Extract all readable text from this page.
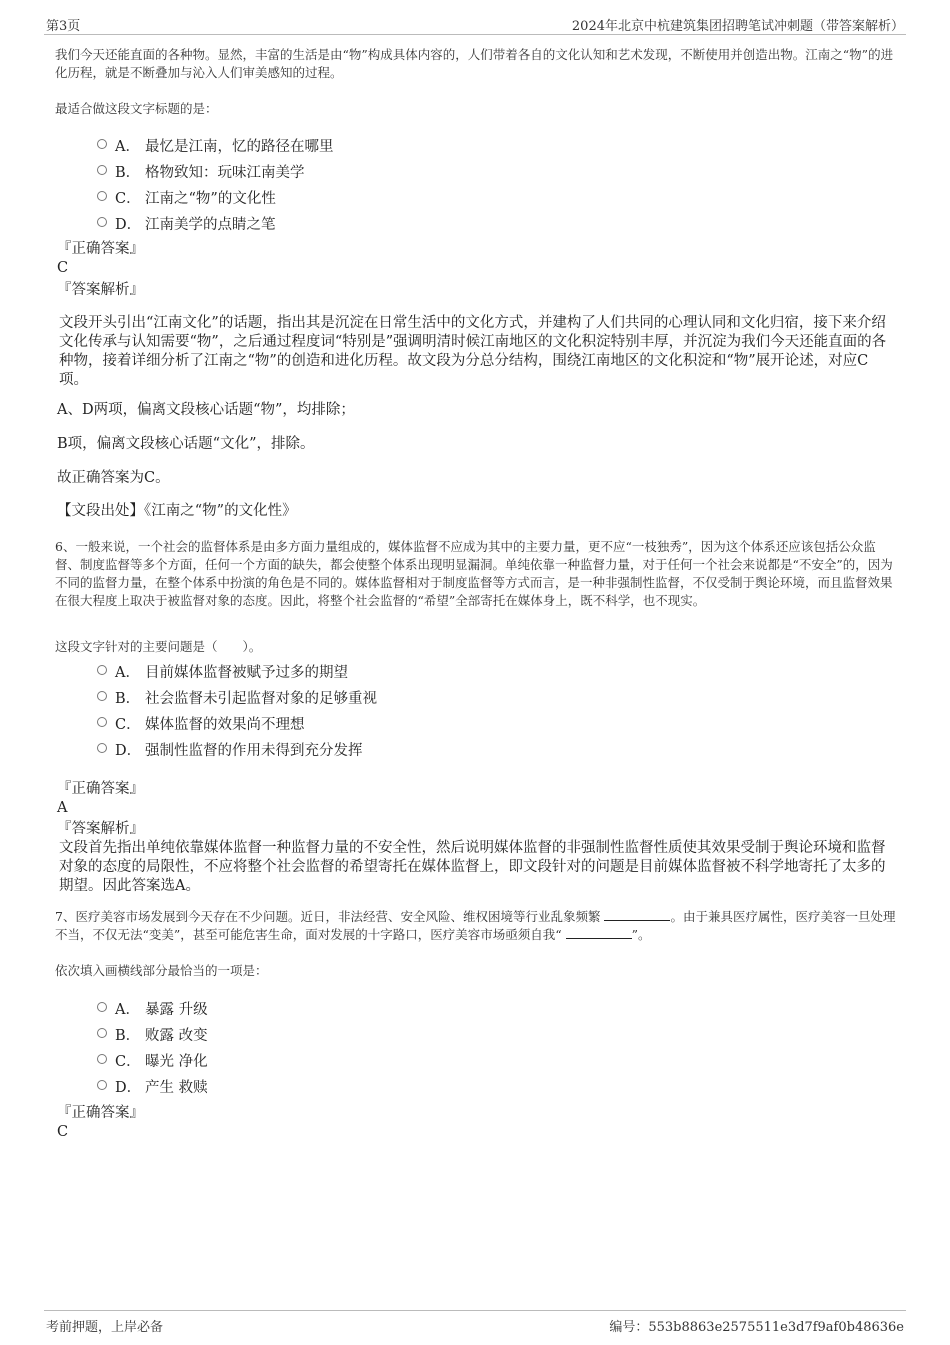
第3页	2024年北京中杭建筑集团招聘笔试冲刺题（带答案解析）
我们今天还能直面的各种物。显然，丰富的生活是由“物”构成具体内容的，人们带着各自的文化认知和艺术发现，不断使用并创造出物。江南之“物”的进化历程，就是不断叠加与沁入人们审美感知的过程。
最适合做这段文字标题的是：
A． 最忆是江南，忆的路径在哪里
B． 格物致知：玩味江南美学
C． 江南之“物”的文化性
D． 江南美学的点睛之笔
『正确答案』
C
『答案解析』
文段开头引出“江南文化”的话题，指出其是沉淀在日常生活中的文化方式，并建构了人们共同的心理认同和文化归宿，接下来介绍文化传承与认知需要“物”，之后通过程度词“特别是”强调明清时候江南地区的文化积淀特别丰厚，并沉淀为我们今天还能直面的各种物，接着详细分析了江南之“物”的创造和进化历程。故文段为分总分结构，围绕江南地区的文化积淀和“物”展开论述，对应C项。
A、D两项，偏离文段核心话题“物”，均排除；
B项，偏离文段核心话题“文化”，排除。
故正确答案为C。
【文段出处】《江南之“物”的文化性》
6、一般来说，一个社会的监督体系是由多方面力量组成的，媒体监督不应成为其中的主要力量，更不应“一枝独秀”，因为这个体系还应该包括公众监督、制度监督等多个方面，任何一个方面的缺失，都会使整个体系出现明显漏洞。单纯依靠一种监督力量，对于任何一个社会来说都是“不安全”的，因为不同的监督力量，在整个体系中扮演的角色是不同的。媒体监督相对于制度监督等方式而言，是一种非强制性监督，不仅受制于舆论环境，而且监督效果在很大程度上取决于被监督对象的态度。因此，将整个社会监督的“希望”全部寄托在媒体身上，既不科学，也不现实。
这段文字针对的主要问题是（　　）。
A． 目前媒体监督被赋予过多的期望
B． 社会监督未引起监督对象的足够重视
C． 媒体监督的效果尚不理想
D． 强制性监督的作用未得到充分发挥
『正确答案』
A
『答案解析』
文段首先指出单纯依靠媒体监督一种监督力量的不安全性，然后说明媒体监督的非强制性监督性质使其效果受制于舆论环境和监督对象的态度的局限性，不应将整个社会监督的希望寄托在媒体监督上，即文段针对的问题是目前媒体监督被不科学地寄托了太多的期望。因此答案选A。
7、医疗美容市场发展到今天存在不少问题。近日，非法经营、安全风险、维权困境等行业乱象频繁	。由于兼具医疗属性，医疗美容一旦处理不当，不仅无法“变美”，甚至可能危害生命，面对发展的十字路口，医疗美容市场亟须自我“	”。
依次填入画横线部分最恰当的一项是：
A． 暴露 升级
B． 败露 改变
C． 曝光 净化
D． 产生 救赎
『正确答案』
C
考前押题，上岸必备	编号：553b8863e2575511e3d7f9af0b48636e
